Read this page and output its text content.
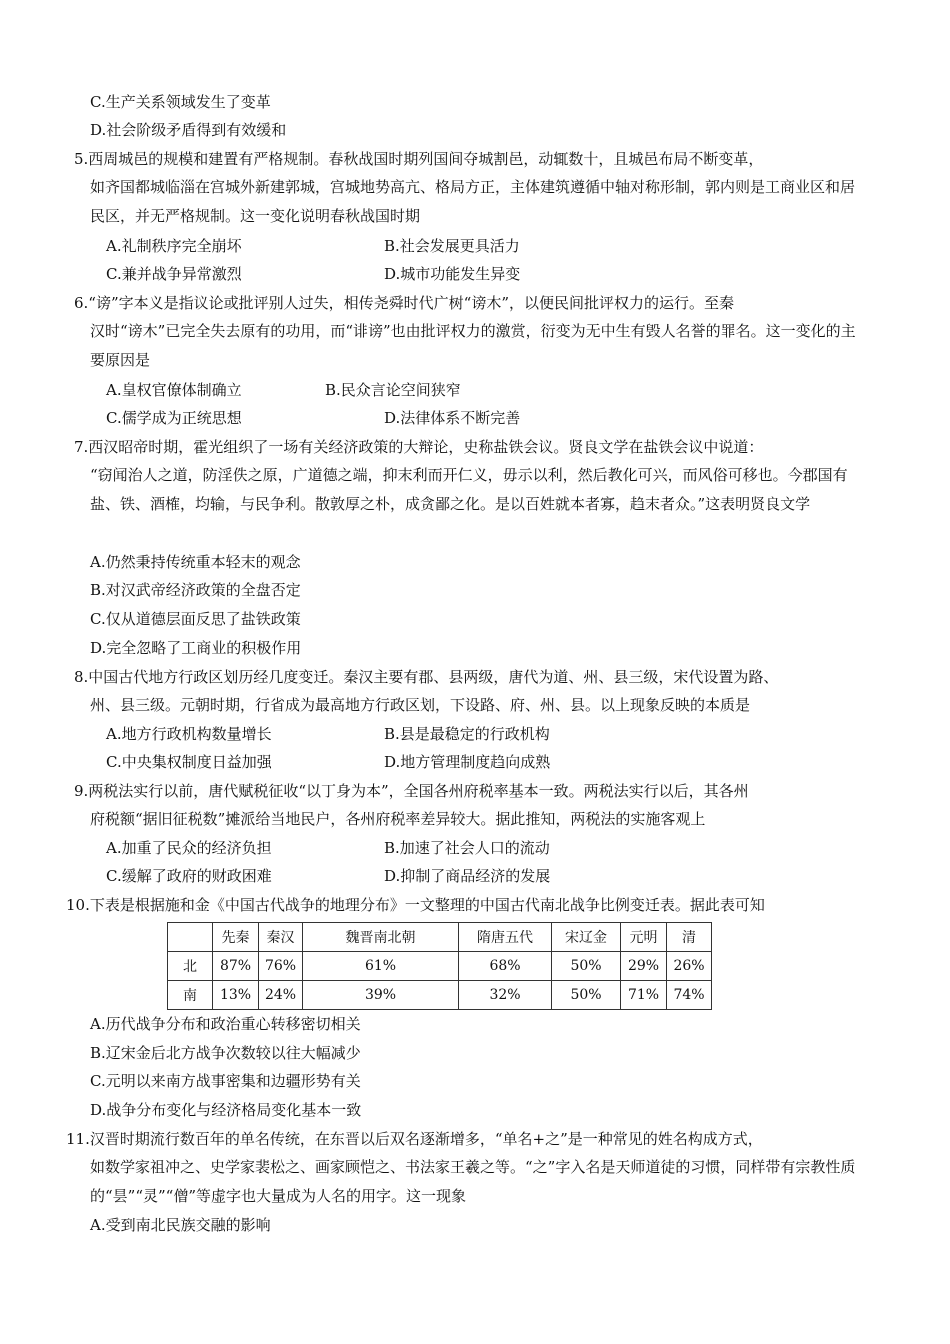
C.生产关系领域发生了变革
D.社会阶级矛盾得到有效缓和
5.西周城邑的规模和建置有严格规制。春秋战国时期列国间夺城割邑，动辄数十，且城邑布局不断变革，
如齐国都城临淄在宫城外新建郭城，宫城地势高亢、格局方正，主体建筑遵循中轴对称形制，郭内则是工商业区和居民区，并无严格规制。这一变化说明春秋战国时期
A.礼制秩序完全崩坏	B.社会发展更具活力
C.兼并战争异常激烈	D.城市功能发生异变
6.“谤”字本义是指议论或批评别人过失，相传尧舜时代广树“谤木”，以便民间批评权力的运行。至秦
汉时“谤木”已完全失去原有的功用，而“诽谤”也由批评权力的激赏，衍变为无中生有毁人名誉的罪名。这一变化的主要原因是
A.皇权官僚体制确立	B.民众言论空间狭窄
C.儒学成为正统思想	D.法律体系不断完善
7.西汉昭帝时期，霍光组织了一场有关经济政策的大辩论，史称盐铁会议。贤良文学在盐铁会议中说道：
“窃闻治人之道，防淫佚之原，广道德之端，抑末利而开仁义，毋示以利，然后教化可兴，而风俗可移也。今郡国有盐、铁、酒榷，均输，与民争利。散敦厚之朴，成贪鄙之化。是以百姓就本者寡，趋末者众。”这表明贤良文学
A.仍然秉持传统重本轻末的观念
B.对汉武帝经济政策的全盘否定
C.仅从道德层面反思了盐铁政策
D.完全忽略了工商业的积极作用
8.中国古代地方行政区划历经几度变迁。秦汉主要有郡、县两级，唐代为道、州、县三级，宋代设置为路、
州、县三级。元朝时期，行省成为最高地方行政区划，下设路、府、州、县。以上现象反映的本质是
A.地方行政机构数量增长	B.县是最稳定的行政机构
C.中央集权制度日益加强	D.地方管理制度趋向成熟
9.两税法实行以前，唐代赋税征收“以丁身为本”，全国各州府税率基本一致。两税法实行以后，其各州
府税额“据旧征税数”摊派给当地民户，各州府税率差异较大。据此推知，两税法的实施客观上
A.加重了民众的经济负担	B.加速了社会人口的流动
C.缓解了政府的财政困难	D.抑制了商品经济的发展
10.下表是根据施和金《中国古代战争的地理分布》一文整理的中国古代南北战争比例变迁表。据此表可知
	先秦	秦汉	魏晋南北朝	隋唐五代	宋辽金	元明	清
北	87%	76%	61%	68%	50%	29%	26%
南	13%	24%	39%	32%	50%	71%	74%
A.历代战争分布和政治重心转移密切相关
B.辽宋金后北方战争次数较以往大幅减少
C.元明以来南方战事密集和边疆形势有关
D.战争分布变化与经济格局变化基本一致
11.汉晋时期流行数百年的单名传统，在东晋以后双名逐渐增多，“单名+之”是一种常见的姓名构成方式，
如数学家祖冲之、史学家裴松之、画家顾恺之、书法家王羲之等。“之”字入名是天师道徒的习惯，同样带有宗教性质的“昙”“灵”“僧”等虚字也大量成为人名的用字。这一现象
A.受到南北民族交融的影响
